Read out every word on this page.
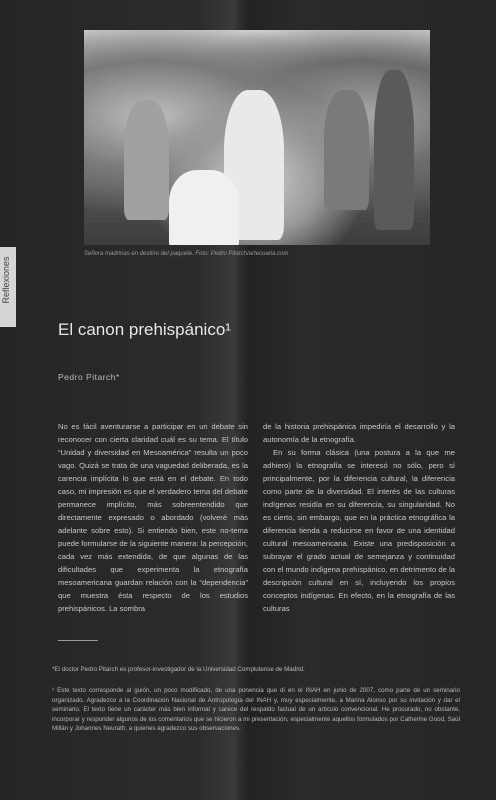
Señora madrinas en destino del paquete. Foto: Pedro Pitarch/artecuaria.com
Reflexiones
El canon prehispánico¹
Pedro Pitarch*

No es fácil aventurarse a participar en un debate sin reconocer con cierta claridad cuál es su tema. El título “Unidad y diversidad en Mesoamérica” resulta un poco vago. Quizá se trata de una vaguedad deliberada, es la carencia implícita lo que está en el debate. En todo caso, mi impresión es que el verdadero tema del debate permanece implícito, más sobreentendido que directamente expresado o abordado (volveré más adelante sobre esto). Si entiendo bien, este no-tema puede formularse de la siguiente manera: la percepción, cada vez más extendida, de que algunas de las dificultades que experimenta la etnografía mesoamericana guardan relación con la “dependencia” que muestra ésta respecto de los estudios prehispánicos. La sombra

de la historia prehispánica impediría el desarrollo y la autonomía de la etnografía.

En su forma clásica (una postura a la que me adhiero) la etnografía se interesó no sólo, pero sí principalmente, por la diferencia cultural, la diferencia como parte de la diversidad. El interés de las culturas indígenas residía en su diferencia, su singularidad. No es cierto, sin embargo, que en la práctica etnográfica la diferencia tienda a reducirse en favor de una identidad cultural mesoamericana. Existe una predisposición a subrayar el grado actual de semejanza y continuidad con el mundo indígena prehispánico, en detrimento de la descripción cultural en sí, incluyendo los propios conceptos indígenas. En efecto, en la etnografía de las culturas

*El doctor Pedro Pitarch es profesor-investigador de la Universidad Complutense de Madrid.
¹ Este texto corresponde al guión, un poco modificado, de una ponencia que di en el INAH en junio de 2007, como parte de un seminario organizado. Agradezco a la Coordinación Nacional de Antropología del INAH y, muy especialmente, a Marina Alonso por su invitación y dar el seminario. El texto tiene un carácter más bien informal y carece del respaldo factual de un artículo convencional. He procurado, no obstante, incorporar y responder algunos de los comentarios que se hicieron a mi presentación, especialmente aquellos formulados por Catherine Good, Saúl Millán y Johannes Neurath, a quienes agradezco sus observaciones.
